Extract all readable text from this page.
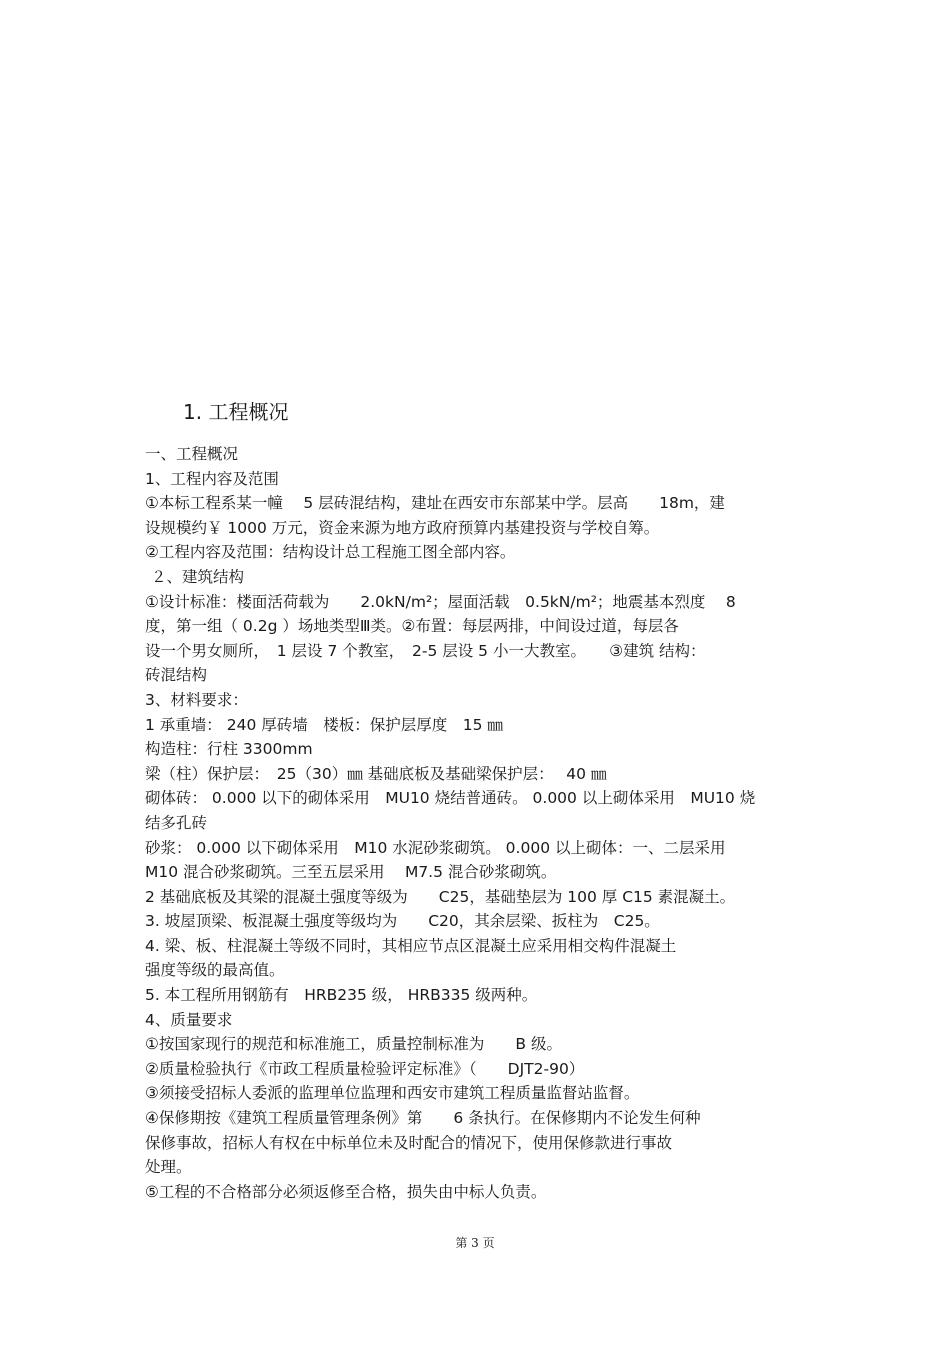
1. 工程概况
一、工程概况
1、工程内容及范围
①本标工程系某一幢　 5 层砖混结构，建址在西安市东部某中学。层高　　18m，建
设规模约￥ 1000 万元，资金来源为地方政府预算内基建投资与学校自筹。
②工程内容及范围：结构设计总工程施工图全部内容。
２、建筑结构
①设计标准：楼面活荷载为　　2.0kN/m²；屋面活载　0.5kN/m²；地震基本烈度　 8
度，第一组（ 0.2g ）场地类型Ⅲ类。②布置：每层两排，中间设过道，每层各
设一个男女厕所，　1 层设 7 个教室，　2-5 层设 5 小一大教室。　　③建筑 结构：
砖混结构
3、材料要求：
1 承重墙： 240 厚砖墙　楼板：保护层厚度　15 ㎜
构造柱：行柱 3300mm
梁（柱）保护层：　25（30）㎜ 基础底板及基础梁保护层：　 40 ㎜
砌体砖： 0.000 以下的砌体采用　MU10 烧结普通砖。 0.000 以上砌体采用　MU10 烧
结多孔砖
砂浆： 0.000 以下砌体采用　M10 水泥砂浆砌筑。 0.000 以上砌体：一、二层采用
M10 混合砂浆砌筑。三至五层采用　 M7.5 混合砂浆砌筑。
2 基础底板及其梁的混凝土强度等级为　　C25，基础垫层为 100 厚 C15 素混凝土。
3. 坡屋顶梁、板混凝土强度等级均为　　C20，其余层梁、扳柱为　C25。
4. 梁、板、柱混凝土等级不同时，其相应节点区混凝土应采用相交构件混凝土
强度等级的最高值。
5. 本工程所用钢筋有　HRB235 级， HRB335 级两种。
4、质量要求
①按国家现行的规范和标准施工，质量控制标准为　　B 级。
②质量检验执行《市政工程质量检验评定标准》（　　DJT2-90）
③须接受招标人委派的监理单位监理和西安市建筑工程质量监督站监督。
④保修期按《建筑工程质量管理条例》第　　6 条执行。在保修期内不论发生何种
保修事故，招标人有权在中标单位未及时配合的情况下，使用保修款进行事故
处理。
⑤工程的不合格部分必须返修至合格，损失由中标人负责。
第 3 页
